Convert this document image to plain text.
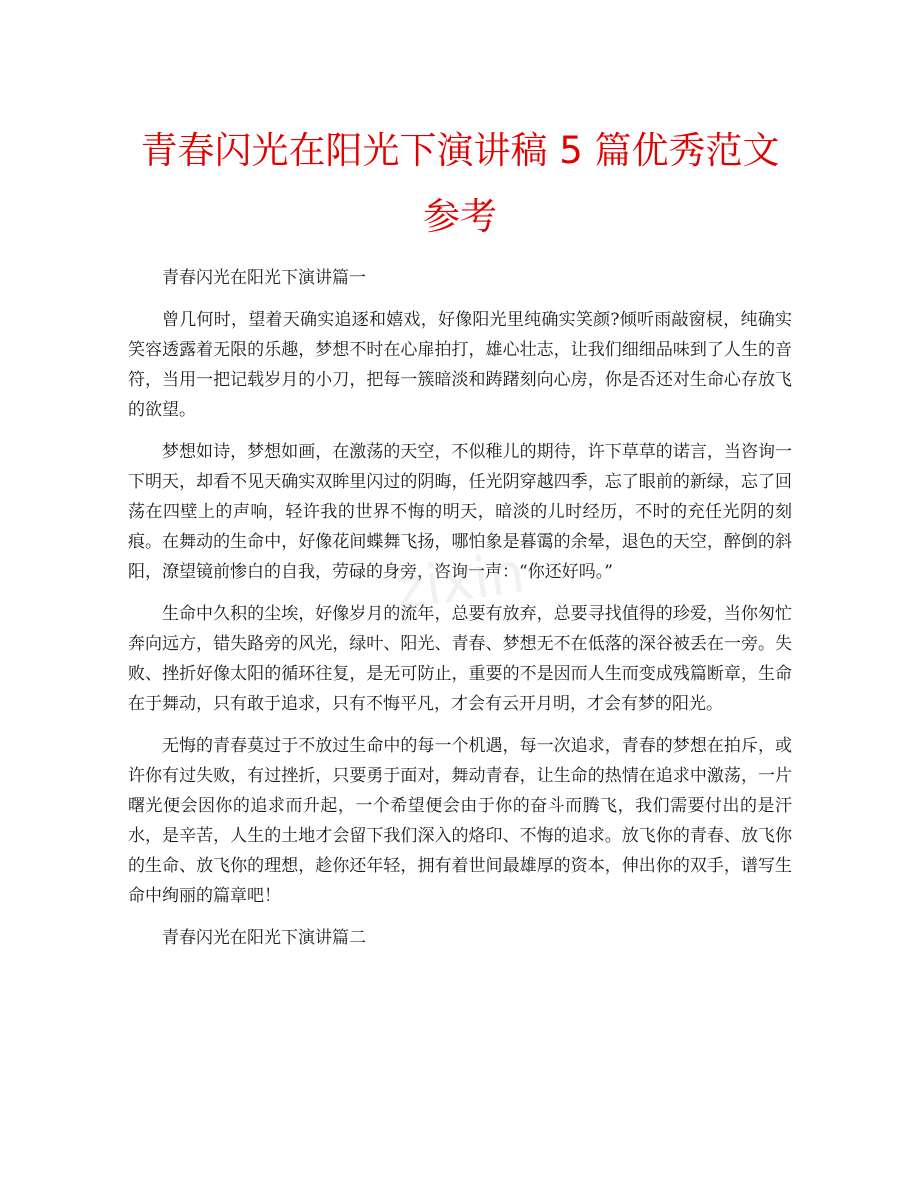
青春闪光在阳光下演讲稿 5 篇优秀范文参考

青春闪光在阳光下演讲篇一

曾几何时，望着天确实追逐和嬉戏，好像阳光里纯确实笑颜?倾听雨敲窗棂，纯确实笑容透露着无限的乐趣，梦想不时在心扉拍打，雄心壮志，让我们细细品味到了人生的音符，当用一把记载岁月的小刀，把每一簇暗淡和踌躇刻向心房，你是否还对生命心存放飞的欲望。

梦想如诗，梦想如画，在激荡的天空，不似稚儿的期待，许下草草的诺言，当咨询一下明天，却看不见天确实双眸里闪过的阴晦，任光阴穿越四季，忘了眼前的新绿，忘了回荡在四壁上的声响，轻许我的世界不悔的明天，暗淡的儿时经历，不时的充任光阴的刻痕。在舞动的生命中，好像花间蝶舞飞扬，哪怕象是暮霭的余晕，退色的天空，醉倒的斜阳，潦望镜前惨白的自我，劳碌的身旁，咨询一声：“你还好吗。”

生命中久积的尘埃，好像岁月的流年，总要有放弃，总要寻找值得的珍爱，当你匆忙奔向远方，错失路旁的风光，绿叶、阳光、青春、梦想无不在低落的深谷被丢在一旁。失败、挫折好像太阳的循环往复，是无可防止，重要的不是因而人生而变成残篇断章，生命在于舞动，只有敢于追求，只有不悔平凡，才会有云开月明，才会有梦的阳光。

无悔的青春莫过于不放过生命中的每一个机遇，每一次追求，青春的梦想在拍斥，或许你有过失败，有过挫折，只要勇于面对，舞动青春，让生命的热情在追求中激荡，一片曙光便会因你的追求而升起，一个希望便会由于你的奋斗而腾飞，我们需要付出的是汗水，是辛苦，人生的土地才会留下我们深入的烙印、不悔的追求。放飞你的青春、放飞你的生命、放飞你的理想，趁你还年轻，拥有着世间最雄厚的资本，伸出你的双手，谱写生命中绚丽的篇章吧！

青春闪光在阳光下演讲篇二

zixin
